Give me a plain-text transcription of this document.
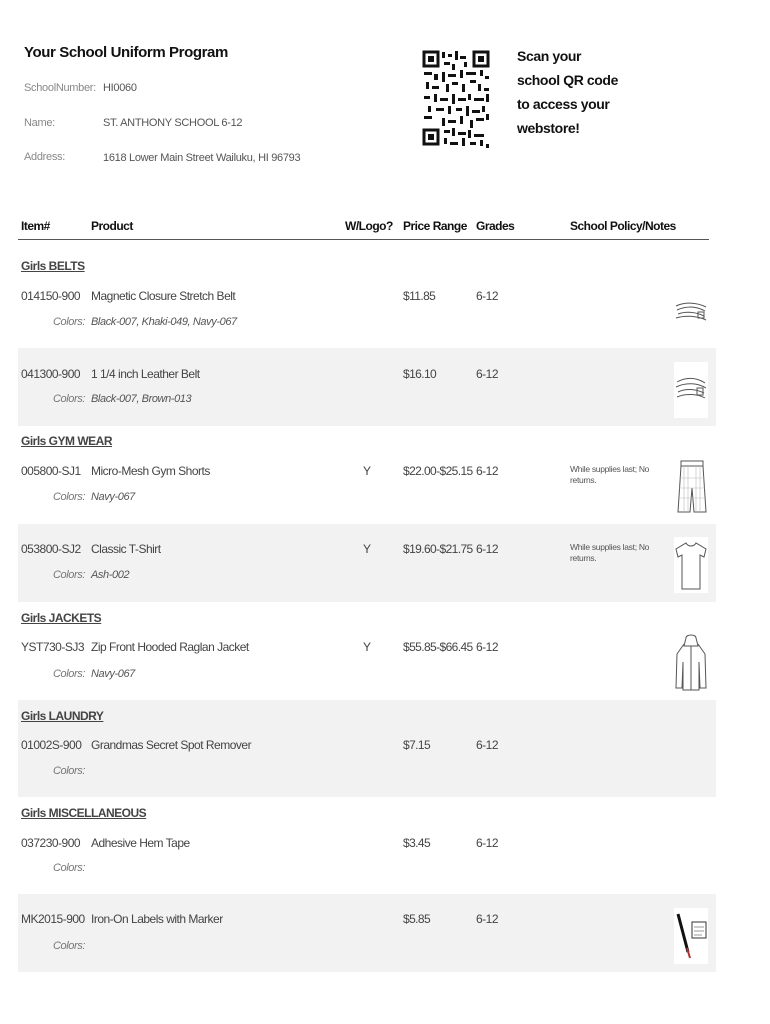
Your School Uniform Program
SchoolNumber: HI0060
Name:	ST. ANTHONY SCHOOL 6-12
Address:	1618 Lower Main Street Wailuku, HI 96793
Scan your
school QR code
to access your
webstore!
Item#	Product	W/Logo? Price Range Grades	School Policy/Notes
Girls BELTS
014150-900 Magnetic Closure Stretch Belt	$11.85	6-12
Colors: Black-007, Khaki-049, Navy-067
041300-900 1 1/4 inch Leather Belt	$16.10	6-12
Colors: Black-007, Brown-013
Girls GYM WEAR
005800-SJ1 Micro-Mesh Gym Shorts	Y	$22.00-$25.15 6-12	While supplies last; No returns.
Colors: Navy-067
053800-SJ2 Classic T-Shirt	Y	$19.60-$21.75 6-12	While supplies last; No returns.
Colors: Ash-002
Girls JACKETS
YST730-SJ3 Zip Front Hooded Raglan Jacket	Y	$55.85-$66.45 6-12
Colors: Navy-067
Girls LAUNDRY
01002S-900 Grandmas Secret Spot Remover	$7.15	6-12
Colors:
Girls MISCELLANEOUS
037230-900 Adhesive Hem Tape	$3.45	6-12
Colors:
MK2015-900 Iron-On Labels with Marker	$5.85	6-12
Colors:
